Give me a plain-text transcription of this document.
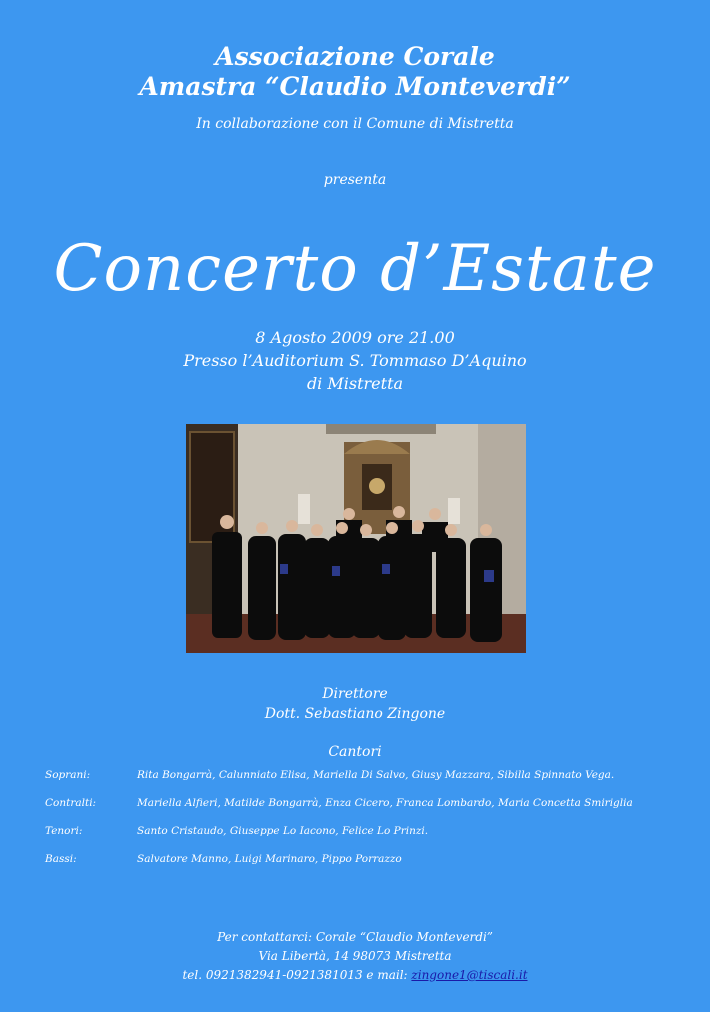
Associazione Corale
Amastra “Claudio Monteverdi”
In collaborazione con il Comune di Mistretta
presenta
Concerto d’Estate
8 Agosto 2009 ore 21.00
Presso l’Auditorium S. Tommaso D’Aquino
di Mistretta
Direttore
Dott. Sebastiano Zingone
Cantori
Soprani:	Rita Bongarrà, Calunniato Elisa, Mariella Di Salvo, Giusy Mazzara, Sibilla Spinnato Vega.
Contralti:	Mariella Alfieri, Matilde Bongarrà, Enza Cicero, Franca Lombardo, Maria Concetta Smiriglia
Tenori:	Santo Cristaudo, Giuseppe Lo Iacono, Felice Lo Prinzi.
Bassi:	Salvatore Manno, Luigi Marinaro, Pippo Porrazzo
Per contattarci: Corale “Claudio Monteverdi”
Via Libertà, 14 98073 Mistretta
tel. 0921382941-0921381013 e mail: zingone1@tiscali.it
